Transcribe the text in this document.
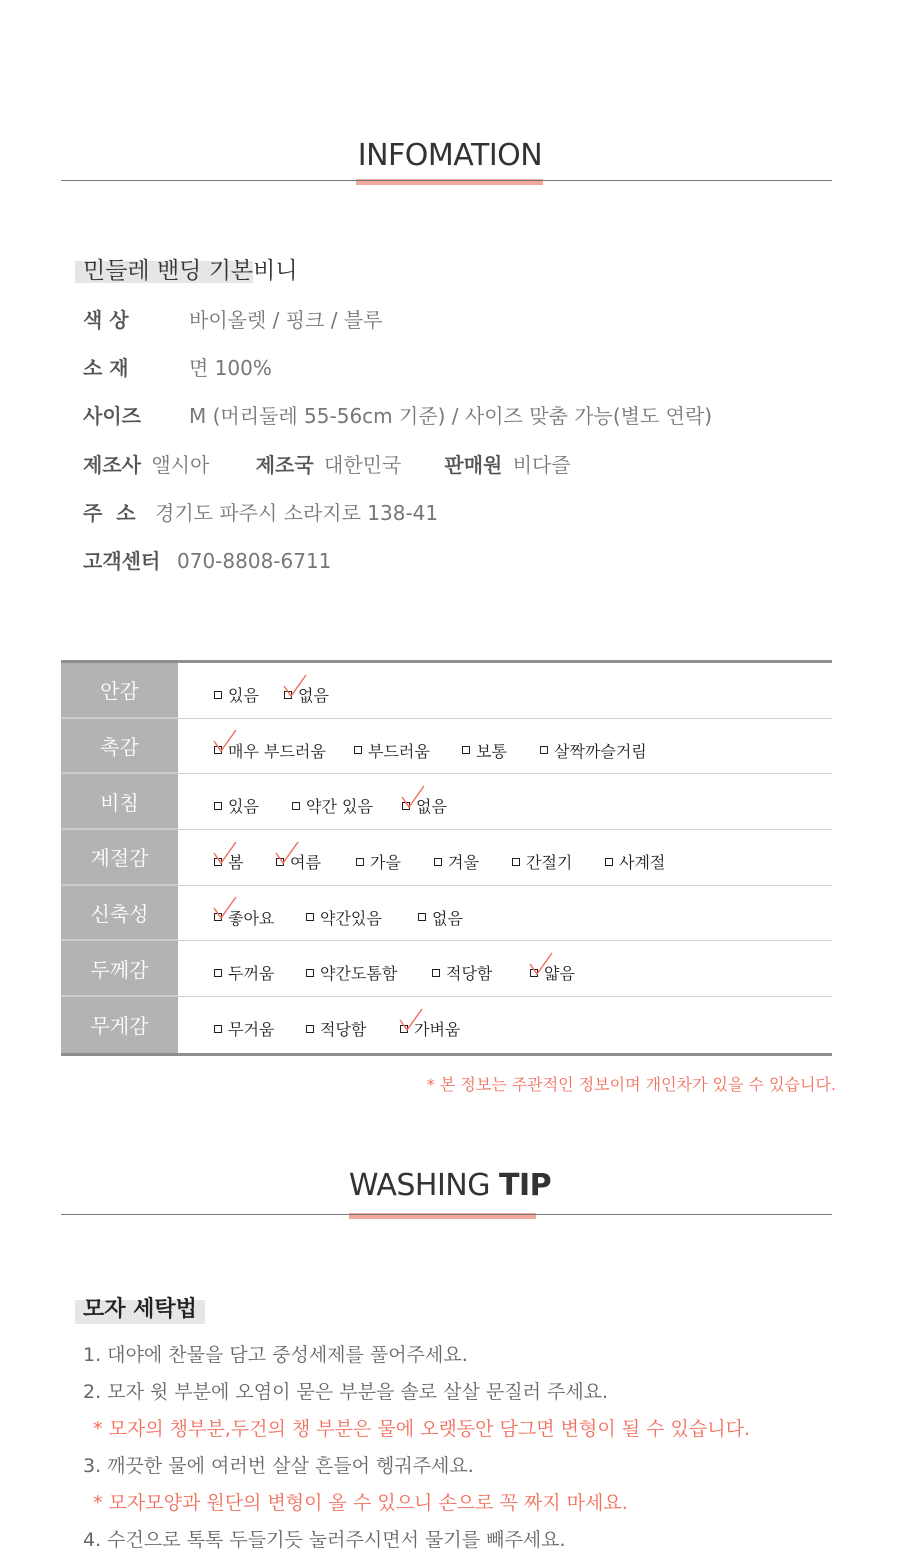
INFOMATION
민들레 밴딩 기본비니
색 상	바이올렛 / 핑크 / 블루
소 재	면 100%
사이즈 M (머리둘레 55-56cm 기준) / 사이즈 맞춤 가능(별도 연락)
제조사 앨시아 제조국 대한민국 판매원 비다즐
주  소 경기도 파주시 소라지로 138-41
고객센터 070-8808-6711
안감	있음 없음
촉감	매우 부드러움	부드러움	보통	살짝까슬거림
비침	있음	약간 있음	없음
계절감	봄	여름	가을	겨울	간절기	사계절
신축성	좋아요	약간있음	없음
두께감	두꺼움	약간도톰함	적당함	얇음
무게감	무거움	적당함	가벼움
* 본 정보는 주관적인 정보이며 개인차가 있을 수 있습니다.
WASHING TIP
모자 세탁법
1. 대야에 찬물을 담고 중성세제를 풀어주세요.
2. 모자 윗 부분에 오염이 묻은 부분을 솔로 살살 문질러 주세요.
* 모자의 챙부분,두건의 챙 부분은 물에 오랫동안 담그면 변형이 될 수 있습니다.
3. 깨끗한 물에 여러번 살살 흔들어 헹궈주세요.
* 모자모양과 원단의 변형이 올 수 있으니 손으로 꼭 짜지 마세요.
4. 수건으로 톡톡 두들기듯 눌러주시면서 물기를 빼주세요.
